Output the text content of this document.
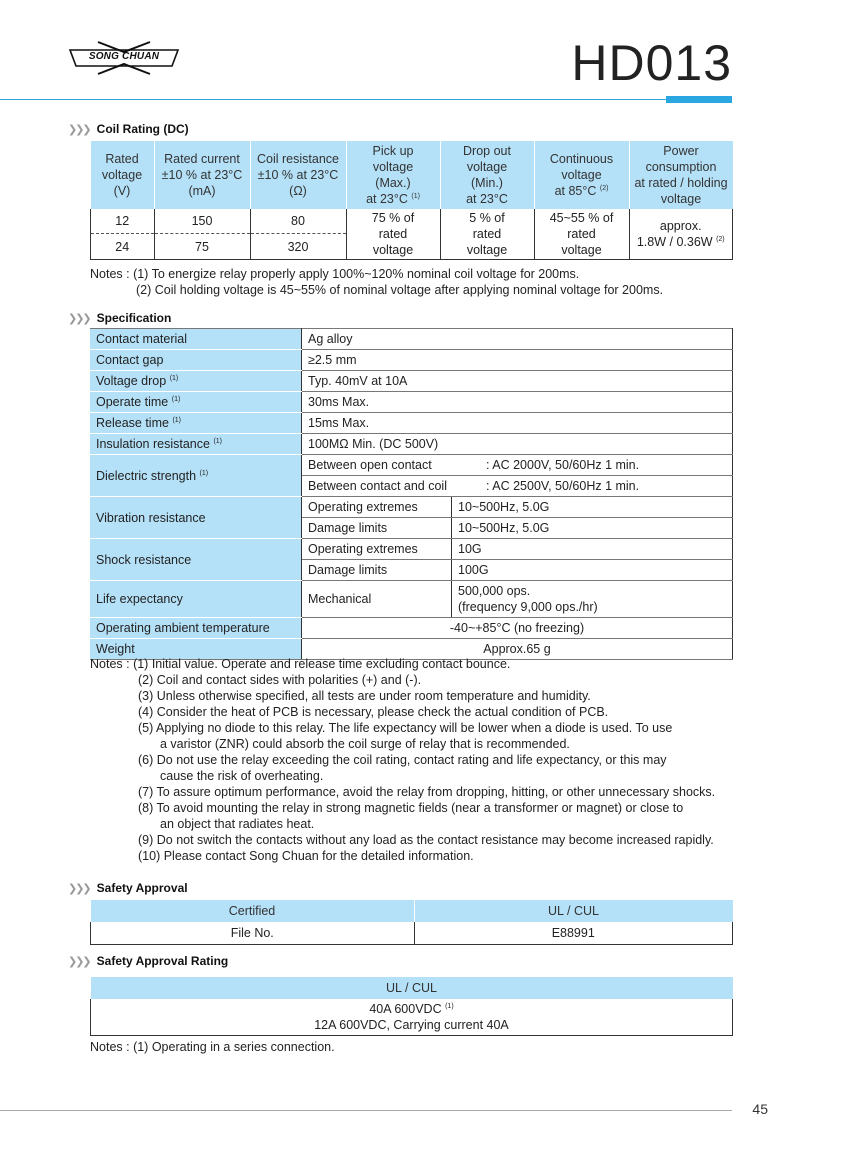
SONG CHUAN	HD013
❯❯❯ Coil Rating (DC)
Rated
voltage
(V)	Rated current
±10 % at 23°C
(mA)	Coil resistance
±10 % at 23°C
(Ω)	Pick up
voltage
(Max.)
at 23°C $^{(1)}$	Drop out
voltage
(Min.)
at 23°C	Continuous
voltage
at 85°C $^{(2)}$	Power
consumption
at rated / holding
voltage
12	150	80	75 % of
rated
voltage	5 % of
rated
voltage	45~55 % of
rated
voltage	approx.
1.8W / 0.36W $^{(2)}$
24	75	320				
Notes : (1) To energize relay properly apply 100%~120% nominal coil voltage for 200ms.
(2) Coil holding voltage is 45~55% of nominal voltage after applying nominal voltage for 200ms.
❯❯❯ Specification
Contact material	Ag alloy	
Contact gap	≥2.5 mm	
Voltage drop $^{(1)}$	Typ. 40mV at 10A	
Operate time $^{(1)}$	30ms Max.	
Release time $^{(1)}$	15ms Max.	
Insulation resistance $^{(1)}$	100MΩ Min. (DC 500V)	
Dielectric strength $^{(1)}$	Between open contact : AC 2000V, 50/60Hz 1 min.	
	Between contact and coil : AC 2500V, 50/60Hz 1 min.	
Vibration resistance	Operating extremes	10~500Hz, 5.0G
	Damage limits	10~500Hz, 5.0G
Shock resistance	Operating extremes	10G
	Damage limits	100G
Life expectancy	Mechanical	500,000 ops.
(frequency 9,000 ops./hr)
Operating ambient temperature	-40~+85°C (no freezing)	
Weight	Approx.65 g	
Notes : (1) Initial value. Operate and release time excluding contact bounce.
(2) Coil and contact sides with polarities (+) and (-).
(3) Unless otherwise specified, all tests are under room temperature and humidity.
(4) Consider the heat of PCB is necessary, please check the actual condition of PCB.
(5) Applying no diode to this relay. The life expectancy will be lower when a diode is used. To use
a varistor (ZNR) could absorb the coil surge of relay that is recommended.
(6) Do not use the relay exceeding the coil rating, contact rating and life expectancy, or this may
cause the risk of overheating.
(7) To assure optimum performance, avoid the relay from dropping, hitting, or other unnecessary shocks.
(8) To avoid mounting the relay in strong magnetic fields (near a transformer or magnet) or close to
an object that radiates heat.
(9) Do not switch the contacts without any load as the contact resistance may become increased rapidly.
(10) Please contact Song Chuan for the detailed information.
❯❯❯ Safety Approval
Certified	UL / CUL
File No.	E88991
❯❯❯ Safety Approval Rating
UL / CUL
40A 600VDC $^{(1)}$
12A 600VDC, Carrying current 40A
Notes : (1) Operating in a series connection.
45
